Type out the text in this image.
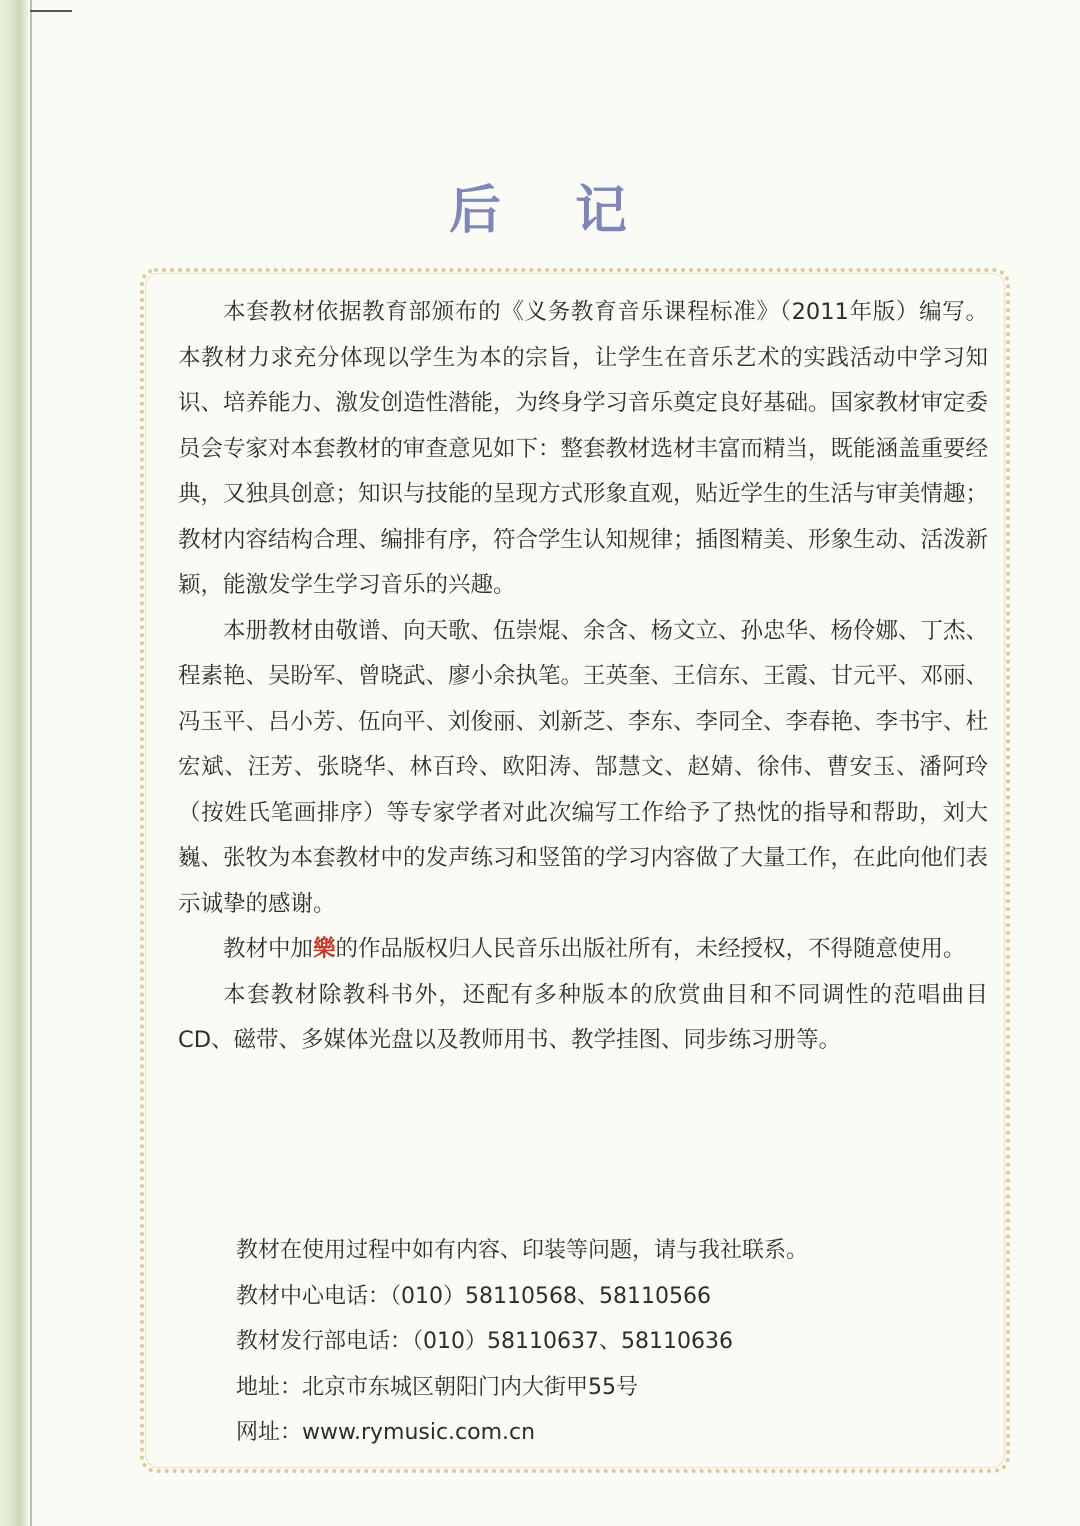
后记

本套教材依据教育部颁布的《义务教育音乐课程标准》（2011年版）编写。本教材力求充分体现以学生为本的宗旨，让学生在音乐艺术的实践活动中学习知识、培养能力、激发创造性潜能，为终身学习音乐奠定良好基础。国家教材审定委员会专家对本套教材的审查意见如下：整套教材选材丰富而精当，既能涵盖重要经典，又独具创意；知识与技能的呈现方式形象直观，贴近学生的生活与审美情趣；教材内容结构合理、编排有序，符合学生认知规律；插图精美、形象生动、活泼新颖，能激发学生学习音乐的兴趣。

本册教材由敬谱、向天歌、伍崇焜、余含、杨文立、孙忠华、杨伶娜、丁杰、程素艳、吴盼军、曾晓武、廖小余执笔。王英奎、王信东、王霞、甘元平、邓丽、冯玉平、吕小芳、伍向平、刘俊丽、刘新芝、李东、李同全、李春艳、李书宇、杜宏斌、汪芳、张晓华、林百玲、欧阳涛、郜慧文、赵婧、徐伟、曹安玉、潘阿玲（按姓氏笔画排序）等专家学者对此次编写工作给予了热忱的指导和帮助，刘大巍、张牧为本套教材中的发声练习和竖笛的学习内容做了大量工作，在此向他们表示诚挚的感谢。

教材中加樂的作品版权归人民音乐出版社所有，未经授权，不得随意使用。

本套教材除教科书外，还配有多种版本的欣赏曲目和不同调性的范唱曲目CD、磁带、多媒体光盘以及教师用书、教学挂图、同步练习册等。

教材在使用过程中如有内容、印装等问题，请与我社联系。
教材中心电话：（010）58110568、58110566
教材发行部电话：（010）58110637、58110636
地址：北京市东城区朝阳门内大街甲55号
网址：www.rymusic.com.cn
